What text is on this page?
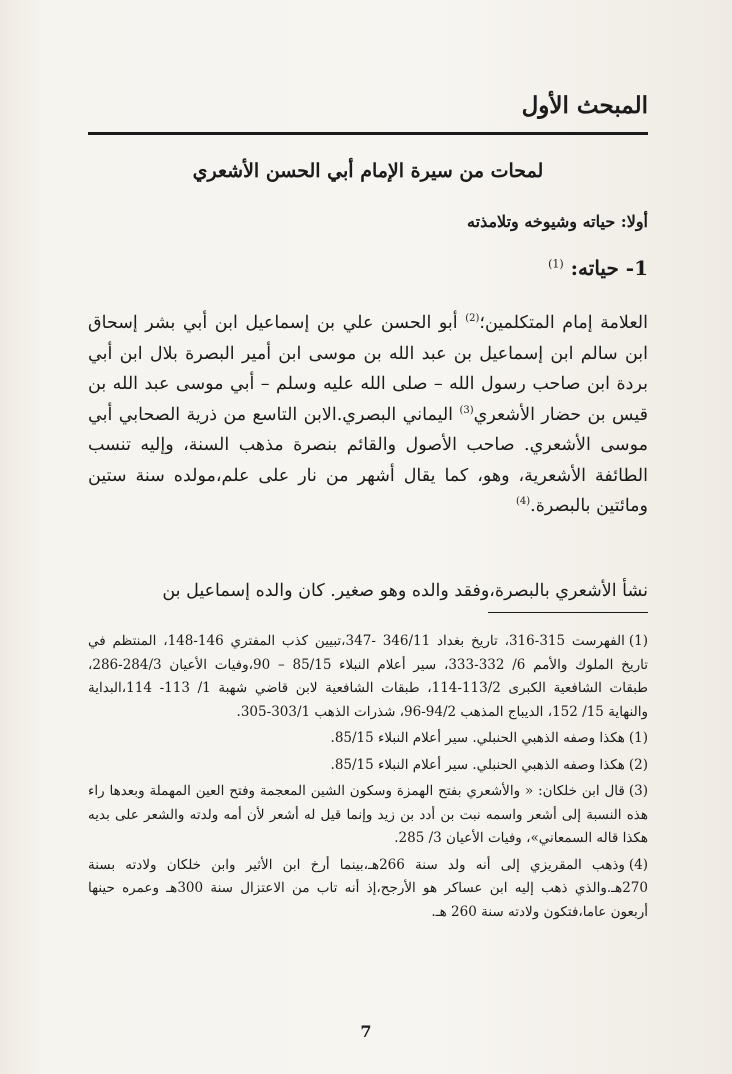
المبحث الأول
لمحات من سيرة الإمام أبي الحسن الأشعري
أولا: حياته وشيوخه وتلامذته
1- حياته: $^{(1)}$

العلامة إمام المتكلمين؛$^{(2)}$ أبو الحسن علي بن إسماعيل ابن أبي بشر إسحاق ابن سالم ابن إسماعيل بن عبد الله بن موسى ابن أمير البصرة بلال ابن أبي بردة ابن صاحب رسول الله – صلى الله عليه وسلم – أبي موسى عبد الله بن قيس بن حضار الأشعري$^{(3)}$ اليماني البصري.الابن التاسع من ذرية الصحابي أبي موسى الأشعري. صاحب الأصول والقائم بنصرة مذهب السنة، وإليه تنسب الطائفة الأشعرية، وهو، كما يقال أشهر من نار على علم،مولده سنة ستين ومائتين بالبصرة.$^{(4)}$

نشأ الأشعري بالبصرة،وفقد والده وهو صغير. كان والده إسماعيل بن

(1)الفهرست 315-316، تاريخ بغداد 346/11 -347،تبيين كذب المفتري 146-148، المنتظم في تاريخ الملوك والأمم 6/ 332-333، سير أعلام النبلاء 85/15 – 90،وفيات الأعيان 284/3-286، طبقات الشافعية الكبرى 113/2-114، طبقات الشافعية لابن قاضي شهبة 1/ 113- 114،البداية والنهاية 15/ 152، الديباج المذهب 94/2-96، شذرات الذهب 303/1-305.
(1)هكذا وصفه الذهبي الحنبلي. سير أعلام النبلاء 85/15.
(2)هكذا وصفه الذهبي الحنبلي. سير أعلام النبلاء 85/15.
(3)قال ابن خلكان: « والأشعري بفتح الهمزة وسكون الشين المعجمة وفتح العين المهملة وبعدها راء هذه النسبة إلى أشعر واسمه نبت بن أدد بن زيد وإنما قيل له أشعر لأن أمه ولدته والشعر على بديه هكذا قاله السمعاني»، وفيات الأعيان 3/ 285.
(4)وذهب المقريزي إلى أنه ولد سنة 266هـ،بينما أرخ ابن الأثير وابن خلكان ولادته بسنة 270هـ.والذي ذهب إليه ابن عساكر هو الأرجح،إذ أنه تاب من الاعتزال سنة 300هـ وعمره حينها أربعون عاما،فتكون ولادته سنة 260 هـ.
7
